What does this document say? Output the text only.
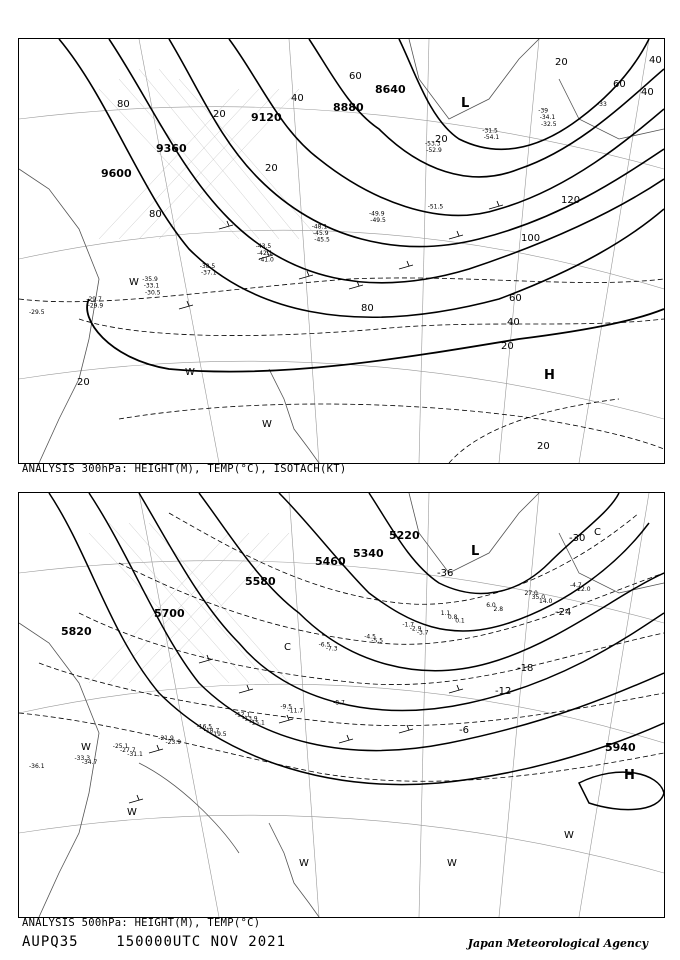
9600
9360
9120
8880
8640
120
100
80
60
40
20
20
40
80
20
20
20
80
40
60
20
60
40
20
L
H
W
W
W
-29.5
-29.9
-29.7
-30.5
-33.1
-35.9
-37.1
-38.5
-41.0
-42.1
-43.5
-45.5
-45.9
-48.1
-49.5
-49.9
-51.5
-52.9
-53.3
-54.1
-31.5
-32.5
-34.1
-39
-33
ANALYSIS 300hPa: HEIGHT(M), TEMP(°C), ISOTACH(KT)
5820
5700
5580
5460
5340
5220
5940
-36
-30
-24
-18
-12
-6
L
H
C
C
W
W
W	W
W
-36.1
-34.7
-33.3
-31.1
-27.7
-25.1
-23.9
-21.9
-19.5
-18.7
-16.5
-15.1
-13.9
-12.1
-11.7
-9.5
-8.7
-7.3
-6.5
-5.5
-4.5
-3.7
-2.9
-1.7
0.1
0.8
1.1
2.8
6.0
14.0
35.0
27.0
22.0
-4.7
ANALYSIS 500hPa: HEIGHT(M), TEMP(°C)
AUPQ35	150000UTC NOV 2021	Japan Meteorological Agency
